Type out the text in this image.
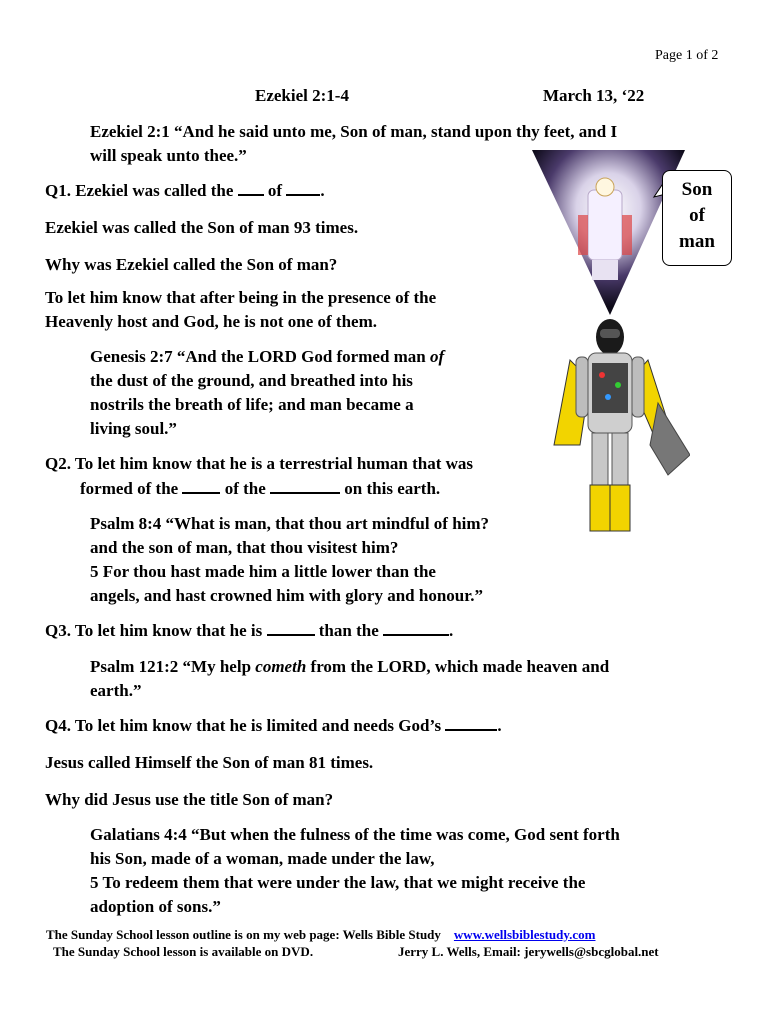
Page 1 of 2
Ezekiel 2:1-4	March 13, ‘22
Ezekiel 2:1 “And he said unto me, Son of man, stand upon thy feet, and I
will speak unto thee.”
Q1. Ezekiel was called the  of .
Ezekiel was called the Son of man 93 times.
Why was Ezekiel called the Son of man?
To let him know that after being in the presence of the
Heavenly host and God, he is not one of them.
Genesis 2:7 “And the LORD God formed man of
the dust of the ground, and breathed into his
nostrils the breath of life; and man became a
living soul.”
Q2. To let him know that he is a terrestrial human that was
formed of the  of the	on this earth.
Psalm 8:4 “What is man, that thou art mindful of him?
and the son of man, that thou visitest him?
5 For thou hast made him a little lower than the
angels, and hast crowned him with glory and honour.”
Q3. To let him know that he is	than the	.
Psalm 121:2 “My help cometh from the LORD, which made heaven and
earth.”
Q4. To let him know that he is limited and needs God’s	.
Jesus called Himself the Son of man 81 times.
Why did Jesus use the title Son of man?
Galatians 4:4 “But when the fulness of the time was come, God sent forth
his Son, made of a woman, made under the law,
5 To redeem them that were under the law, that we might receive the
adoption of sons.”
The Sunday School lesson outline is on my web page: Wells Bible Study www.wellsbiblestudy.com
The Sunday School lesson is available on DVD.	Jerry L. Wells, Email: jerywells@sbcglobal.net
Son
of
man
